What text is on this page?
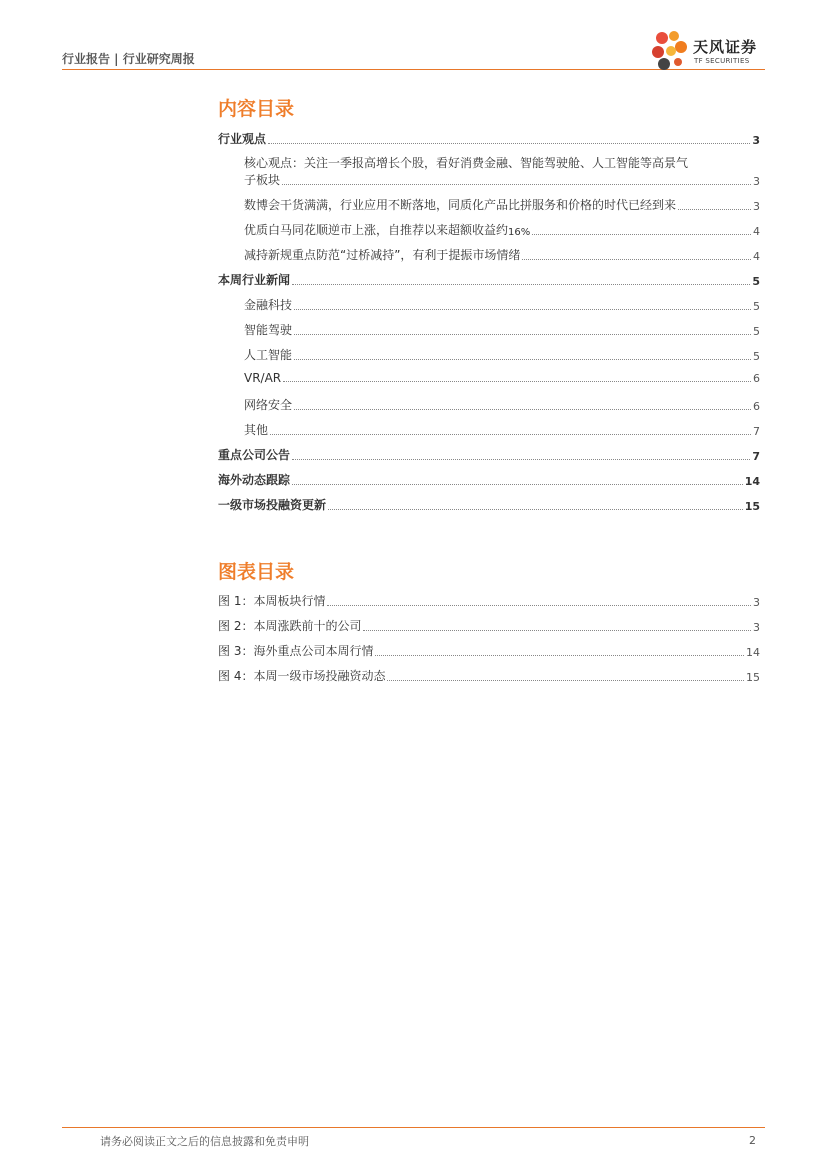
行业报告 | 行业研究周报
天风证券
TF SECURITIES
内容目录
行业观点	3
核心观点：关注一季报高增长个股，看好消费金融、智能驾驶舱、人工智能等高景气
子板块	3
数博会干货满满，行业应用不断落地，同质化产品比拼服务和价格的时代已经到来	3
优质白马同花顺逆市上涨，自推荐以来超额收益约 16%	4
减持新规重点防范“过桥减持”，有利于提振市场情绪	4
本周行业新闻	5
金融科技	5
智能驾驶	5
人工智能	5
VR/AR	6
网络安全	6
其他	7
重点公司公告	7
海外动态跟踪	14
一级市场投融资更新	15
图表目录
图 1：本周板块行情	3
图 2：本周涨跌前十的公司	3
图 3：海外重点公司本周行情	14
图 4：本周一级市场投融资动态	15
请务必阅读正文之后的信息披露和免责申明	2
